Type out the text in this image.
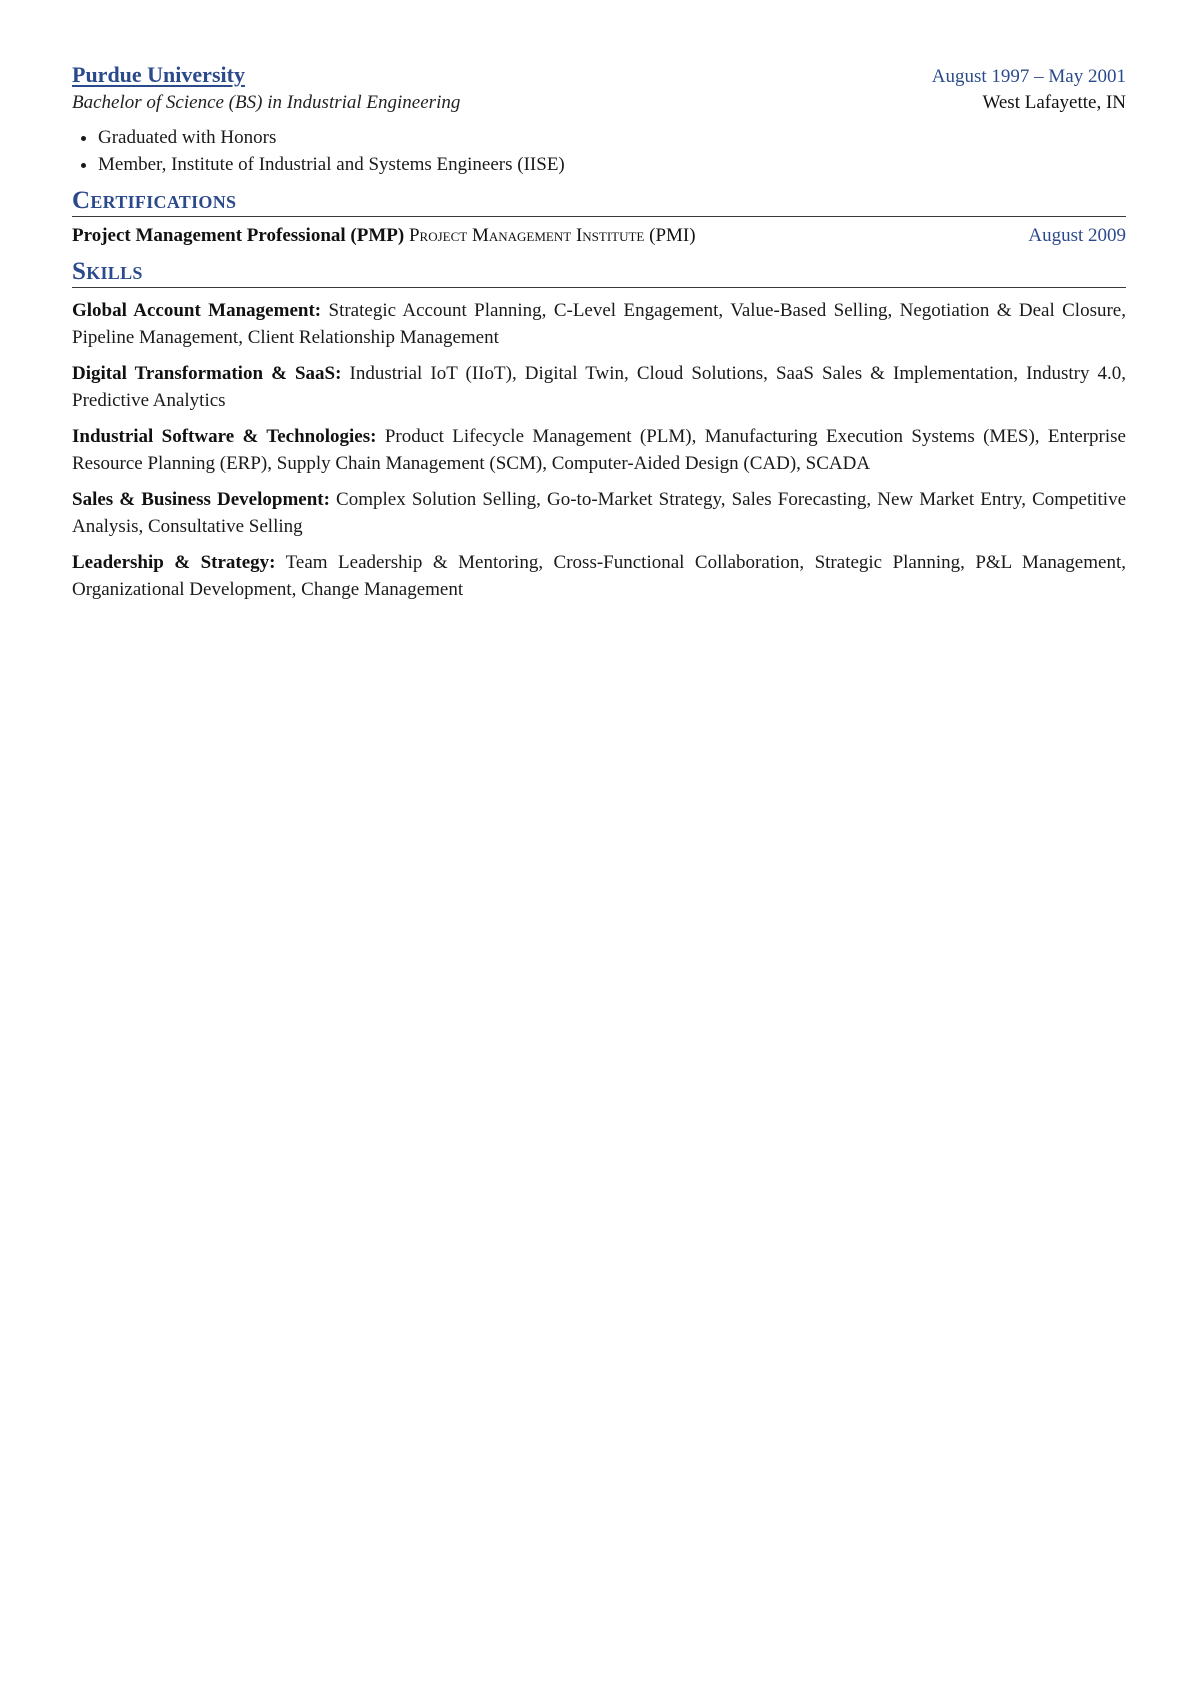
Purdue University	August 1997 – May 2001
Bachelor of Science (BS) in Industrial Engineering	West Lafayette, IN
• Graduated with Honors
• Member, Institute of Industrial and Systems Engineers (IISE)
Certifications
Project Management Professional (PMP) Project Management Institute (PMI)	August 2009
Skills
Global Account Management: Strategic Account Planning, C-Level Engagement, Value-Based Selling, Negotiation & Deal Closure, Pipeline Management, Client Relationship Management
Digital Transformation & SaaS: Industrial IoT (IIoT), Digital Twin, Cloud Solutions, SaaS Sales & Implementation, Industry 4.0, Predictive Analytics
Industrial Software & Technologies: Product Lifecycle Management (PLM), Manufacturing Execution Systems (MES), Enterprise Resource Planning (ERP), Supply Chain Management (SCM), Computer-Aided Design (CAD), SCADA
Sales & Business Development: Complex Solution Selling, Go-to-Market Strategy, Sales Forecasting, New Market Entry, Competitive Analysis, Consultative Selling
Leadership & Strategy: Team Leadership & Mentoring, Cross-Functional Collaboration, Strategic Planning, P&L Management, Organizational Development, Change Management
